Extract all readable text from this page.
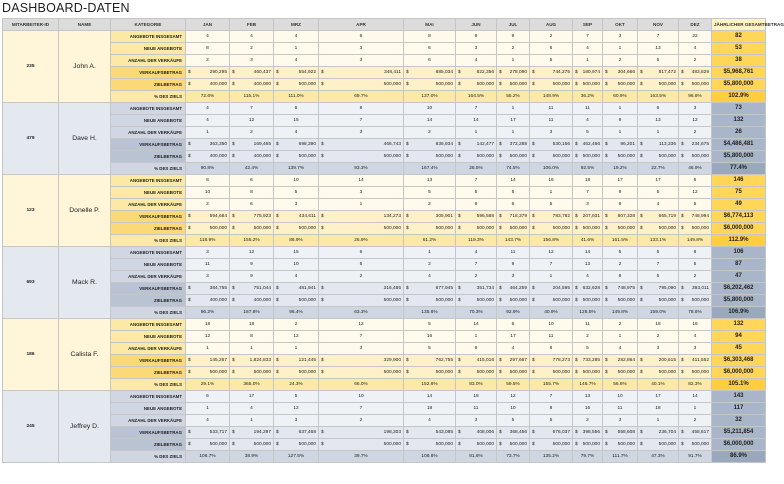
DASHBOARD-DATEN
MITARBEITER-ID	NAME	KATEGORIE	JAN	FEB	MRZ	APR	MAI	JUN	JUL	AUG	SEP	OKT	NOV	DEZ	JÄHRLICHER GESAMTBETRAG
235	John A.	ANGEBOTE INSGESAMT	4	4	4	6	8	6	9	2	7	3	7	22	82
		NEUE ANGEBOTE	8	2	1	3	6	3	2	6	4	1	13	4	53
		ANZAHL DER VERKÄUFE	2	3	4	3	6	4	1	5	1	2	5	2	38
		VERKAUFSBETRAG	$ 290,295	$ 460,437	$ 554,922	$ 348,411	$ 685,034	$ 822,356	$ 278,090	$ 744,275	$ 180,974	$ 304,666	$ 817,472	$ 483,829	$5,968,761
		ZIELBETRAG	$ 400,000	$ 400,000	$ 500,000	$ 500,000	$ 500,000	$ 500,000	$ 500,000	$ 500,000	$ 500,000	$ 500,000	$ 500,000	$ 500,000	$5,800,000
		% DES ZIELS	72.6%	115.1%	111.0%	69.7%	137.0%	164.5%	55.2%	148.9%	36.2%	60.9%	163.5%	96.8%	102.9%
479	Dave H.	ANGEBOTE INSGESAMT	4	7	6	8	10	7	1	11	11	1	6	3	73
		NEUE ANGEBOTE	4	12	15	7	14	14	17	11	4	9	13	12	132
		ANZAHL DER VERKÄUFE	1	2	4	3	2	1	1	3	5	1	1	2	26
		VERKAUFSBETRAG	$ 363,350	$ 169,465	$ 698,390	$ 466,743	$ 836,934	$ 142,477	$ 372,288	$ 530,156	$ 462,466	$ 96,201	$ 113,336	$ 234,675	$4,486,481
		ZIELBETRAG	$ 400,000	$ 400,000	$ 500,000	$ 500,000	$ 500,000	$ 500,000	$ 500,000	$ 500,000	$ 500,000	$ 500,000	$ 500,000	$ 500,000	$5,800,000
		% DES ZIELS	90.8%	42.4%	139.7%	93.3%	167.4%	28.5%	74.5%	106.0%	92.5%	19.2%	22.7%	46.9%	77.4%
123	Donelle P.	ANGEBOTE INSGESAMT	8	6	10	14	13	7	14	16	18	17	17	6	146
		NEUE ANGEBOTE	10	8	5	3	5	5	5	1	7	9	5	12	75
		ANZAHL DER VERKÄUFE	2	6	3	1	2	6	6	5	3	6	4	5	49
		VERKAUFSBETRAG	$ 594,684	$ 775,923	$ 434,611	$ 134,273	$ 305,901	$ 596,588	$ 718,379	$ 783,782	$ 207,931	$ 807,328	$ 665,719	$ 748,994	$6,774,113
		ZIELBETRAG	$ 500,000	$ 500,000	$ 500,000	$ 500,000	$ 500,000	$ 500,000	$ 500,000	$ 500,000	$ 500,000	$ 500,000	$ 500,000	$ 500,000	$6,000,000
		% DES ZIELS	118.9%	155.2%	86.9%	26.9%	61.2%	119.3%	143.7%	156.8%	41.6%	161.5%	133.1%	149.8%	112.9%
693	Mack R.	ANGEBOTE INSGESAMT	3	12	15	6	1	4	11	12	14	5	5	8	106
		NEUE ANGEBOTE	11	9	10	5	2	7	9	7	13	2	7	5	87
		ANZAHL DER VERKÄUFE	3	9	4	2	4	2	3	1	4	8	5	2	47
		VERKAUFSBETRAG	$ 384,755	$ 751,044	$ 481,941	$ 316,485	$ 677,945	$ 351,734	$ 464,259	$ 204,595	$ 632,628	$ 748,975	$ 795,090	$ 393,011	$6,202,462
		ZIELBETRAG	$ 400,000	$ 400,000	$ 500,000	$ 500,000	$ 500,000	$ 500,000	$ 500,000	$ 500,000	$ 500,000	$ 500,000	$ 500,000	$ 500,000	$5,800,000
		% DES ZIELS	96.2%	187.8%	96.4%	63.3%	135.6%	70.3%	92.9%	40.9%	126.5%	149.8%	159.0%	78.6%	106.9%
186	Calista F.	ANGEBOTE INSGESAMT	18	18	2	12	5	14	6	10	11	2	18	16	132
		NEUE ANGEBOTE	12	8	12	7	16	1	17	11	2	1	2	4	94
		ANZAHL DER VERKÄUFE	1	1	1	3	5	6	4	8	5	4	3	3	45
		VERKAUFSBETRAG	$ 145,267	$ 1,824,833	$ 121,445	$ 329,900	$ 762,755	$ 415,016	$ 297,667	$ 778,273	$ 733,285	$ 282,864	$ 200,615	$ 411,552	$6,303,468
		ZIELBETRAG	$ 500,000	$ 500,000	$ 500,000	$ 500,000	$ 500,000	$ 500,000	$ 500,000	$ 500,000	$ 500,000	$ 500,000	$ 500,000	$ 500,000	$6,000,000
		% DES ZIELS	29.1%	365.0%	24.3%	66.0%	152.6%	83.0%	59.5%	155.7%	146.7%	56.6%	40.1%	82.3%	105.1%
245	Jeffrey D.	ANGEBOTE INSGESAMT	6	17	5	10	14	18	12	7	13	10	17	14	143
		NEUE ANGEBOTE	1	4	12	7	18	11	10	8	16	11	18	1	117
		ANZAHL DER VERKÄUFE	4	1	3	2	4	3	5	5	2	3	1	2	32
		VERKAUFSBETRAG	$ 533,717	$ 194,297	$ 637,468	$ 198,303	$ 543,085	$ 408,006	$ 368,456	$ 676,037	$ 398,556	$ 558,608	$ 236,704	$ 458,617	$5,211,854
		ZIELBETRAG	$ 500,000	$ 500,000	$ 500,000	$ 500,000	$ 500,000	$ 500,000	$ 500,000	$ 500,000	$ 500,000	$ 500,000	$ 500,000	$ 500,000	$6,000,000
		% DES ZIELS	106.7%	38.9%	127.5%	39.7%	108.6%	81.6%	73.7%	135.2%	79.7%	111.7%	47.3%	91.7%	86.9%
